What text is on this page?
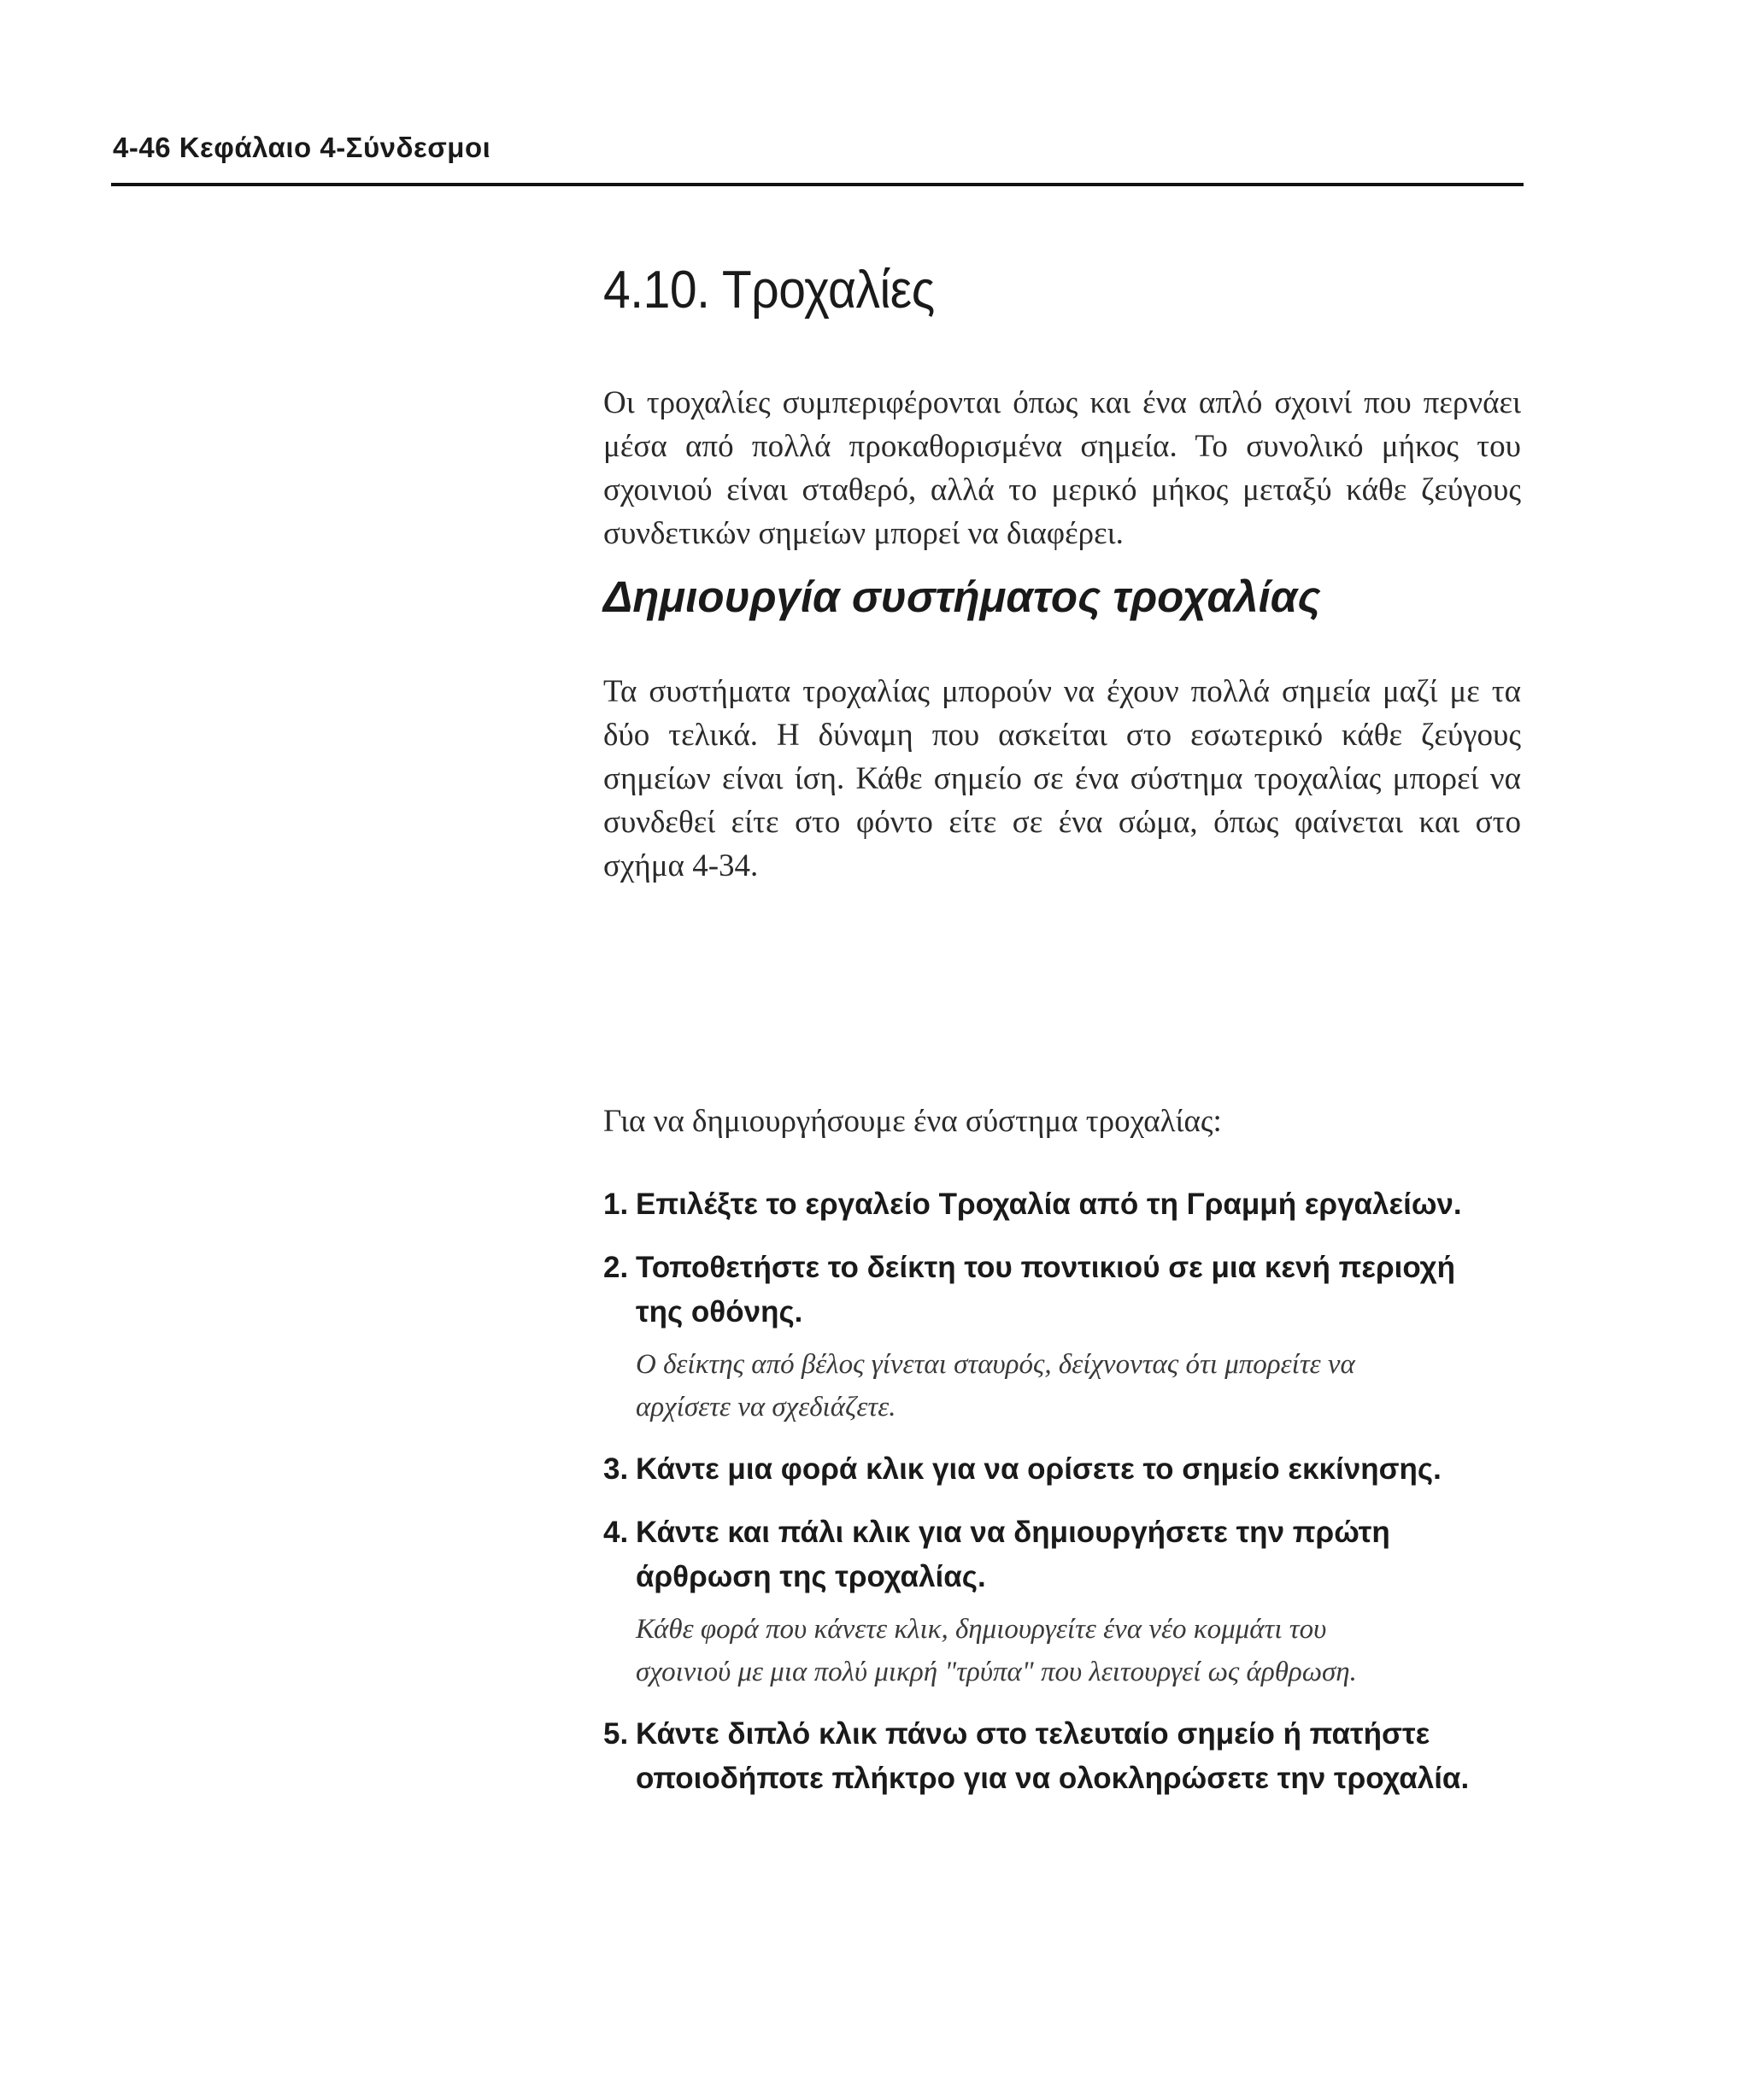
4-46 Κεφάλαιο 4-Σύνδεσμοι
4.10. Τροχαλίες

Οι τροχαλίες συμπεριφέρονται όπως και ένα απλό σχοινί που περνάει μέσα από πολλά προκαθορισμένα σημεία. Το συνολικό μήκος του σχοινιού είναι σταθερό, αλλά το μερικό μήκος μεταξύ κάθε ζεύγους συνδετικών σημείων μπορεί να διαφέρει.

Δημιουργία συστήματος τροχαλίας

Τα συστήματα τροχαλίας μπορούν να έχουν πολλά σημεία μαζί με τα δύο τελικά. Η δύναμη που ασκείται στο εσωτερικό κάθε ζεύγους σημείων είναι ίση. Κάθε σημείο σε ένα σύστημα τροχαλίας μπορεί να συνδεθεί είτε στο φόντο είτε σε ένα σώμα, όπως φαίνεται και στο σχήμα 4-34.

Για να δημιουργήσουμε ένα σύστημα τροχαλίας:

1. Επιλέξτε το εργαλείο Τροχαλία από τη Γραμμή εργαλείων.
2. Τοποθετήστε το δείκτη του ποντικιού σε μια κενή περιοχή
της οθόνης.
Ο δείκτης από βέλος γίνεται σταυρός, δείχνοντας ότι μπορείτε να
αρχίσετε να σχεδιάζετε.
3. Κάντε μια φορά κλικ για να ορίσετε το σημείο εκκίνησης.
4. Κάντε και πάλι κλικ για να δημιουργήσετε την πρώτη
άρθρωση της τροχαλίας.
Κάθε φορά που κάνετε κλικ, δημιουργείτε ένα νέο κομμάτι του
σχοινιού με μια πολύ μικρή "τρύπα" που λειτουργεί ως άρθρωση.
5. Κάντε διπλό κλικ πάνω στο τελευταίο σημείο ή πατήστε
οποιοδήποτε πλήκτρο για να ολοκληρώσετε την τροχαλία.
